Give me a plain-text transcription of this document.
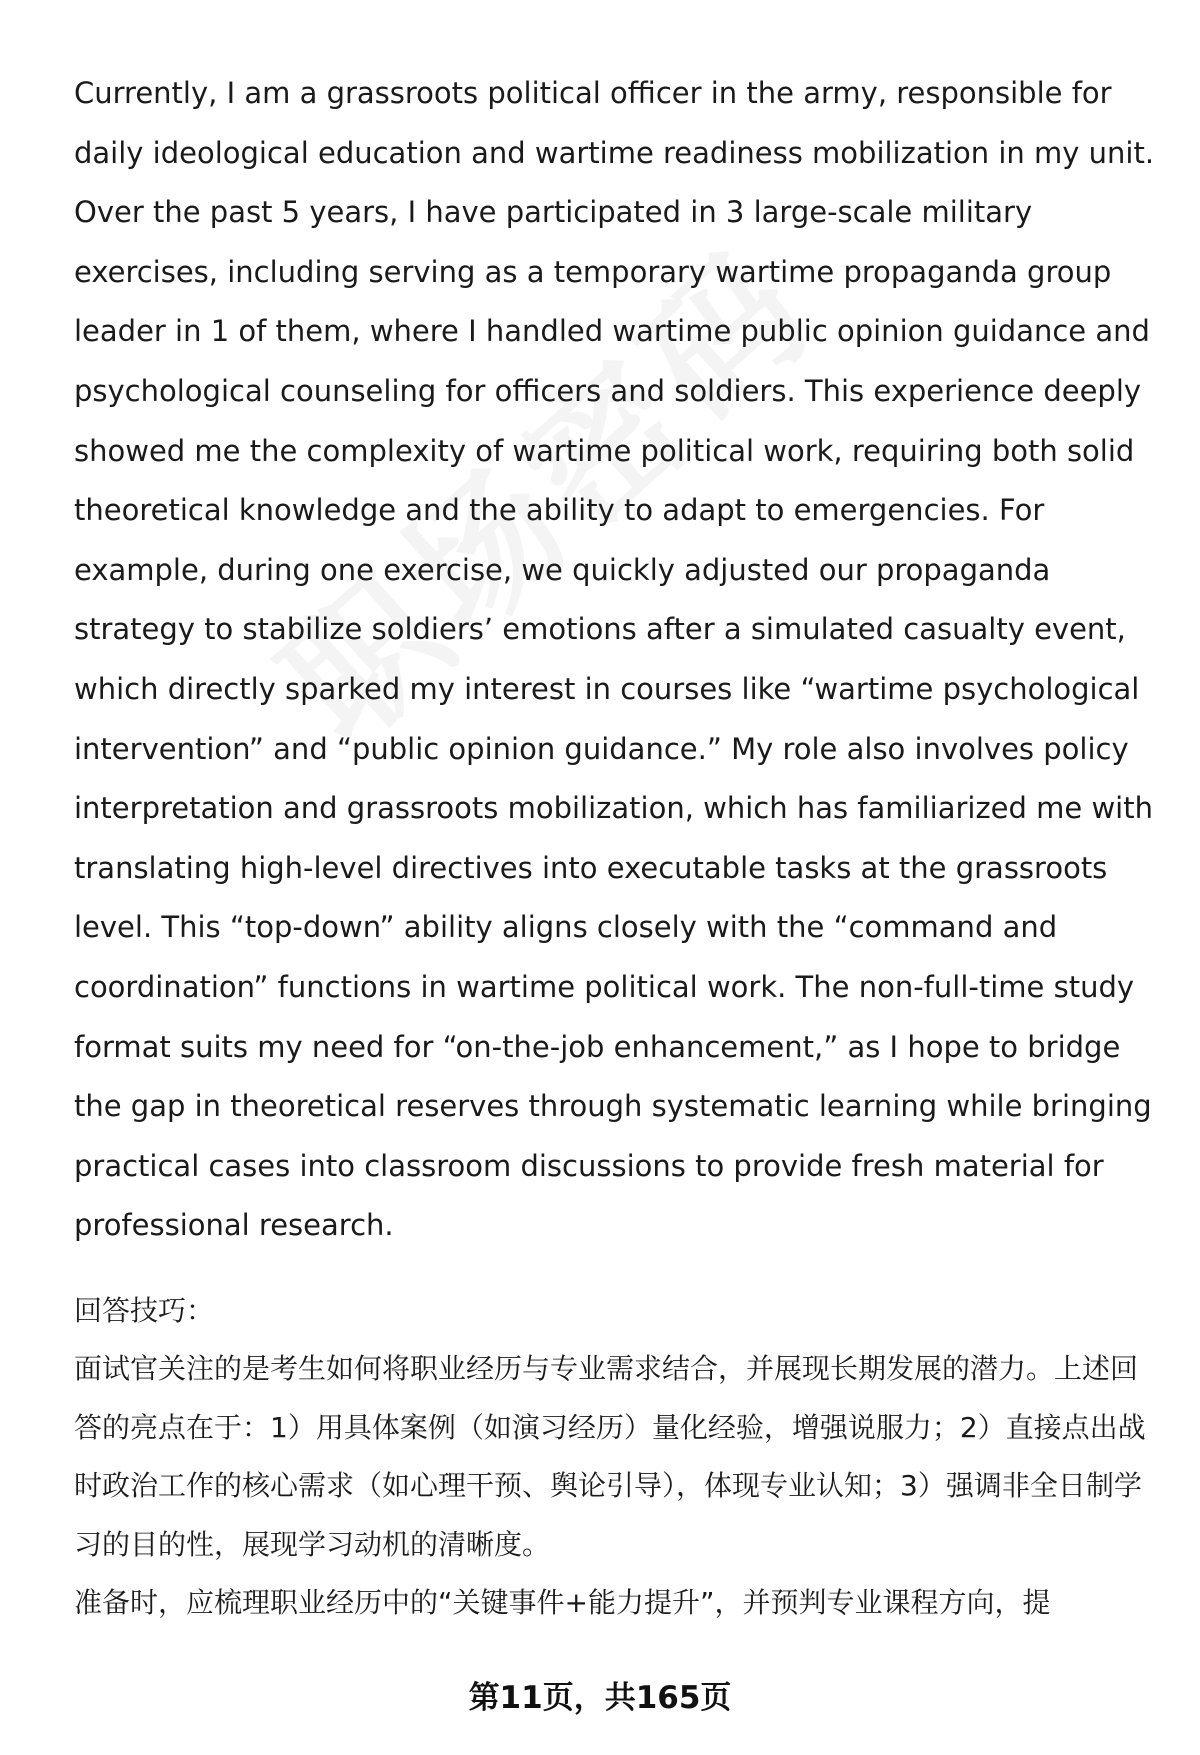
Currently, I am a grassroots political officer in the army, responsible for daily ideological education and wartime readiness mobilization in my unit. Over the past 5 years, I have participated in 3 large-scale military exercises, including serving as a temporary wartime propaganda group leader in 1 of them, where I handled wartime public opinion guidance and psychological counseling for officers and soldiers. This experience deeply showed me the complexity of wartime political work, requiring both solid theoretical knowledge and the ability to adapt to emergencies. For example, during one exercise, we quickly adjusted our propaganda strategy to stabilize soldiers’ emotions after a simulated casualty event, which directly sparked my interest in courses like “wartime psychological intervention” and “public opinion guidance.” My role also involves policy interpretation and grassroots mobilization, which has familiarized me with translating high-level directives into executable tasks at the grassroots level. This “top-down” ability aligns closely with the “command and coordination” functions in wartime political work. The non-full-time study format suits my need for “on-the-job enhancement,” as I hope to bridge the gap in theoretical reserves through systematic learning while bringing practical cases into classroom discussions to provide fresh material for professional research.

回答技巧：

面试官关注的是考生如何将职业经历与专业需求结合，并展现长期发展的潜力。上述回答的亮点在于：1）用具体案例（如演习经历）量化经验，增强说服力；2）直接点出战时政治工作的核心需求（如心理干预、舆论引导），体现专业认知；3）强调非全日制学习的目的性，展现学习动机的清晰度。

准备时，应梳理职业经历中的“关键事件+能力提升”，并预判专业课程方向，提

第11页，共165页
